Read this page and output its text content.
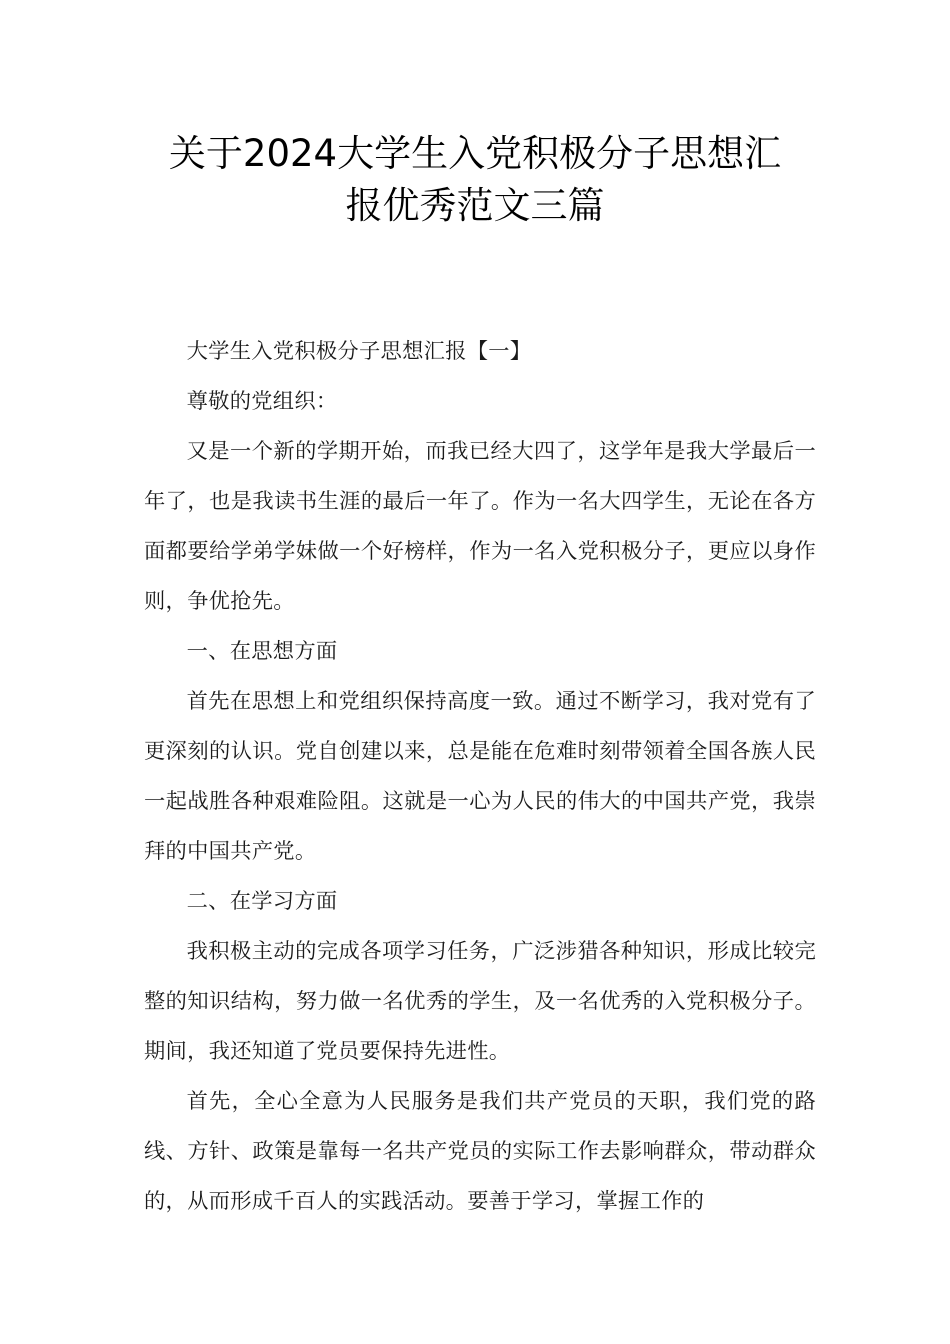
关于2024大学生入党积极分子思想汇
报优秀范文三篇

大学生入党积极分子思想汇报【一】

尊敬的党组织：

又是一个新的学期开始，而我已经大四了，这学年是我大学最后一年了，也是我读书生涯的最后一年了。作为一名大四学生，无论在各方面都要给学弟学妹做一个好榜样，作为一名入党积极分子，更应以身作则，争优抢先。

一、在思想方面

首先在思想上和党组织保持高度一致。通过不断学习，我对党有了更深刻的认识。党自创建以来，总是能在危难时刻带领着全国各族人民一起战胜各种艰难险阻。这就是一心为人民的伟大的中国共产党，我崇拜的中国共产党。

二、在学习方面

我积极主动的完成各项学习任务，广泛涉猎各种知识，形成比较完整的知识结构，努力做一名优秀的学生，及一名优秀的入党积极分子。期间，我还知道了党员要保持先进性。

首先，全心全意为人民服务是我们共产党员的天职，我们党的路线、方针、政策是靠每一名共产党员的实际工作去影响群众，带动群众的，从而形成千百人的实践活动。要善于学习，掌握工作的
